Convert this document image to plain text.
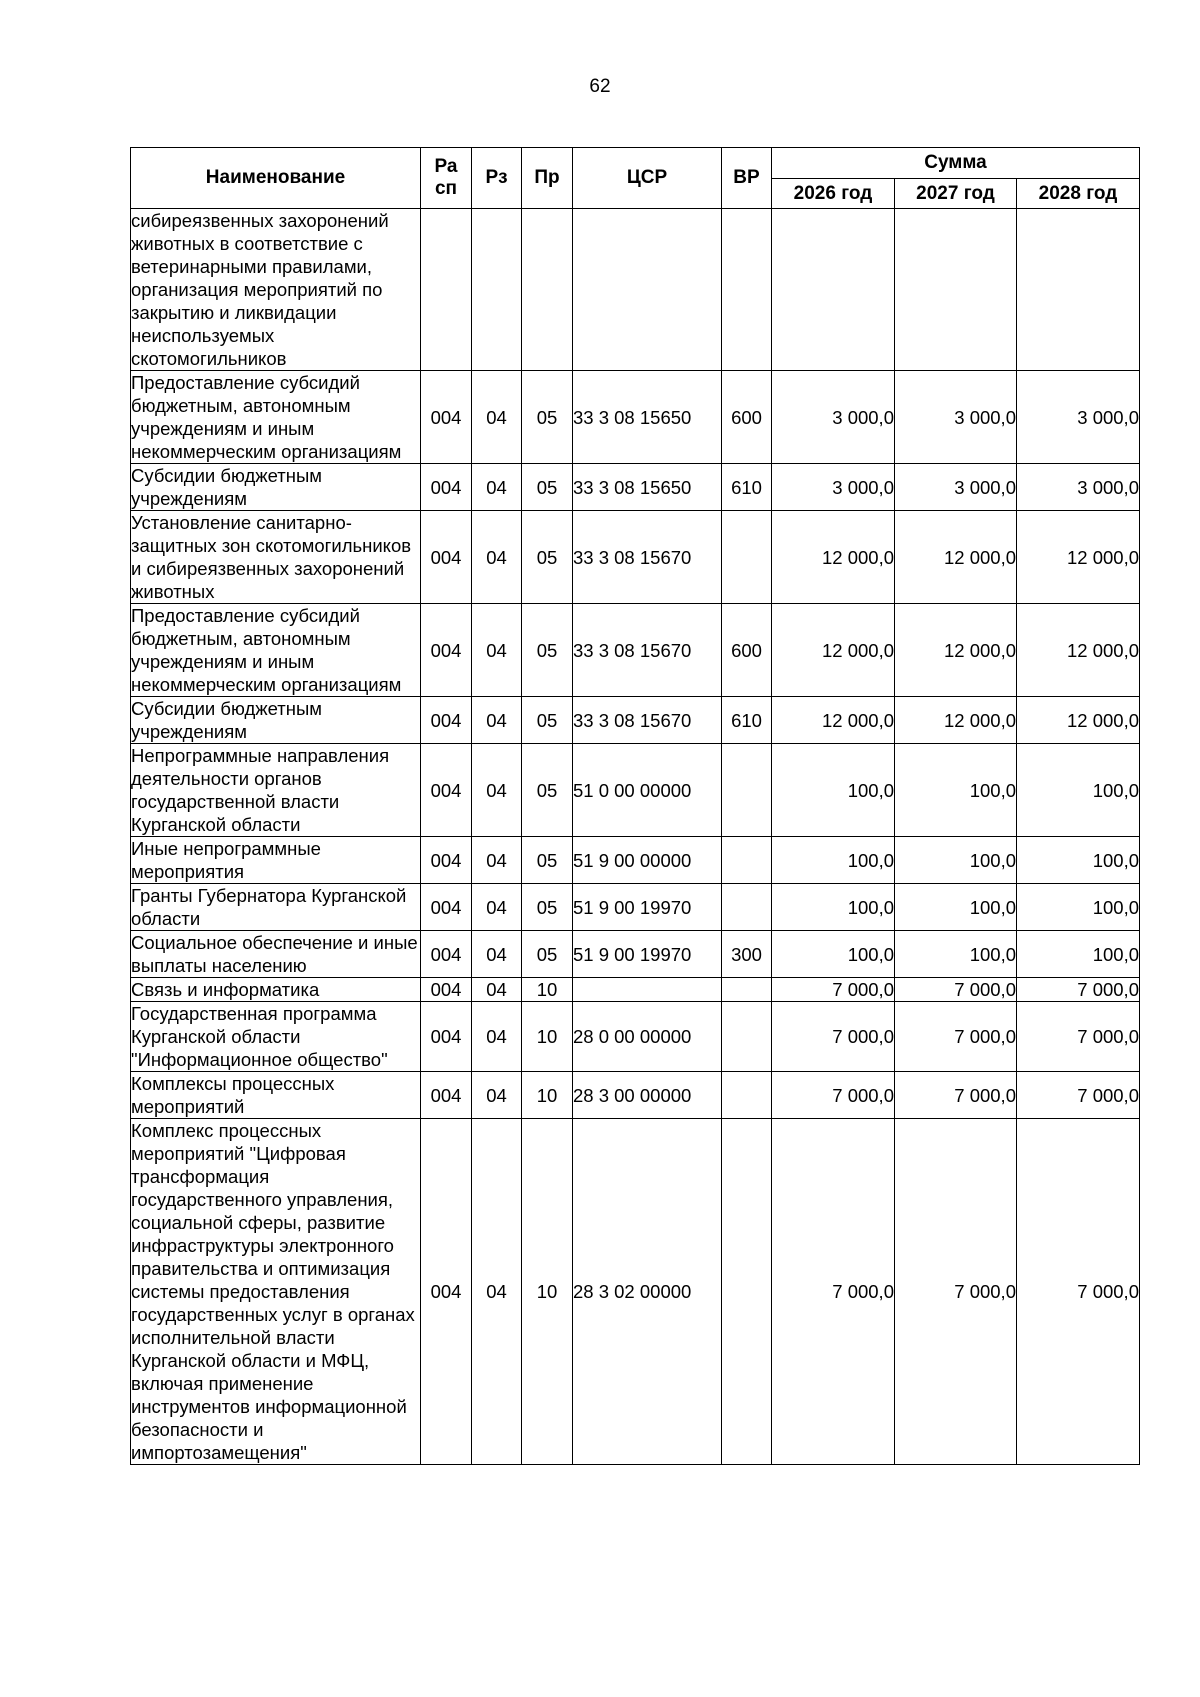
62
Наименование	Ра сп	Рз	Пр	ЦСР	ВР	Сумма		
						2026 год	2027 год	2028 год
сибиреязвенных захоронений животных в соответствие с ветеринарными правилами, организация мероприятий по закрытию и ликвидации неиспользуемых скотомогильников								
Предоставление субсидий бюджетным, автономным учреждениям и иным некоммерческим организациям	004	04	05	33 3 08 15650	600	3 000,0	3 000,0	3 000,0
Субсидии бюджетным учреждениям	004	04	05	33 3 08 15650	610	3 000,0	3 000,0	3 000,0
Установление санитарно-защитных зон скотомогильников и сибиреязвенных захоронений животных	004	04	05	33 3 08 15670		12 000,0	12 000,0	12 000,0
Предоставление субсидий бюджетным, автономным учреждениям и иным некоммерческим организациям	004	04	05	33 3 08 15670	600	12 000,0	12 000,0	12 000,0
Субсидии бюджетным учреждениям	004	04	05	33 3 08 15670	610	12 000,0	12 000,0	12 000,0
Непрограммные направления деятельности органов государственной власти Курганской области	004	04	05	51 0 00 00000		100,0	100,0	100,0
Иные непрограммные мероприятия	004	04	05	51 9 00 00000		100,0	100,0	100,0
Гранты Губернатора Курганской области	004	04	05	51 9 00 19970		100,0	100,0	100,0
Социальное обеспечение и иные выплаты населению	004	04	05	51 9 00 19970	300	100,0	100,0	100,0
Связь и информатика	004	04	10			7 000,0	7 000,0	7 000,0
Государственная программа Курганской области "Информационное общество"	004	04	10	28 0 00 00000		7 000,0	7 000,0	7 000,0
Комплексы процессных мероприятий	004	04	10	28 3 00 00000		7 000,0	7 000,0	7 000,0
Комплекс процессных мероприятий "Цифровая трансформация государственного управления, социальной сферы, развитие инфраструктуры электронного правительства и оптимизация системы предоставления государственных услуг в органах исполнительной власти Курганской области и МФЦ, включая применение инструментов информационной безопасности и импортозамещения"	004	04	10	28 3 02 00000		7 000,0	7 000,0	7 000,0
